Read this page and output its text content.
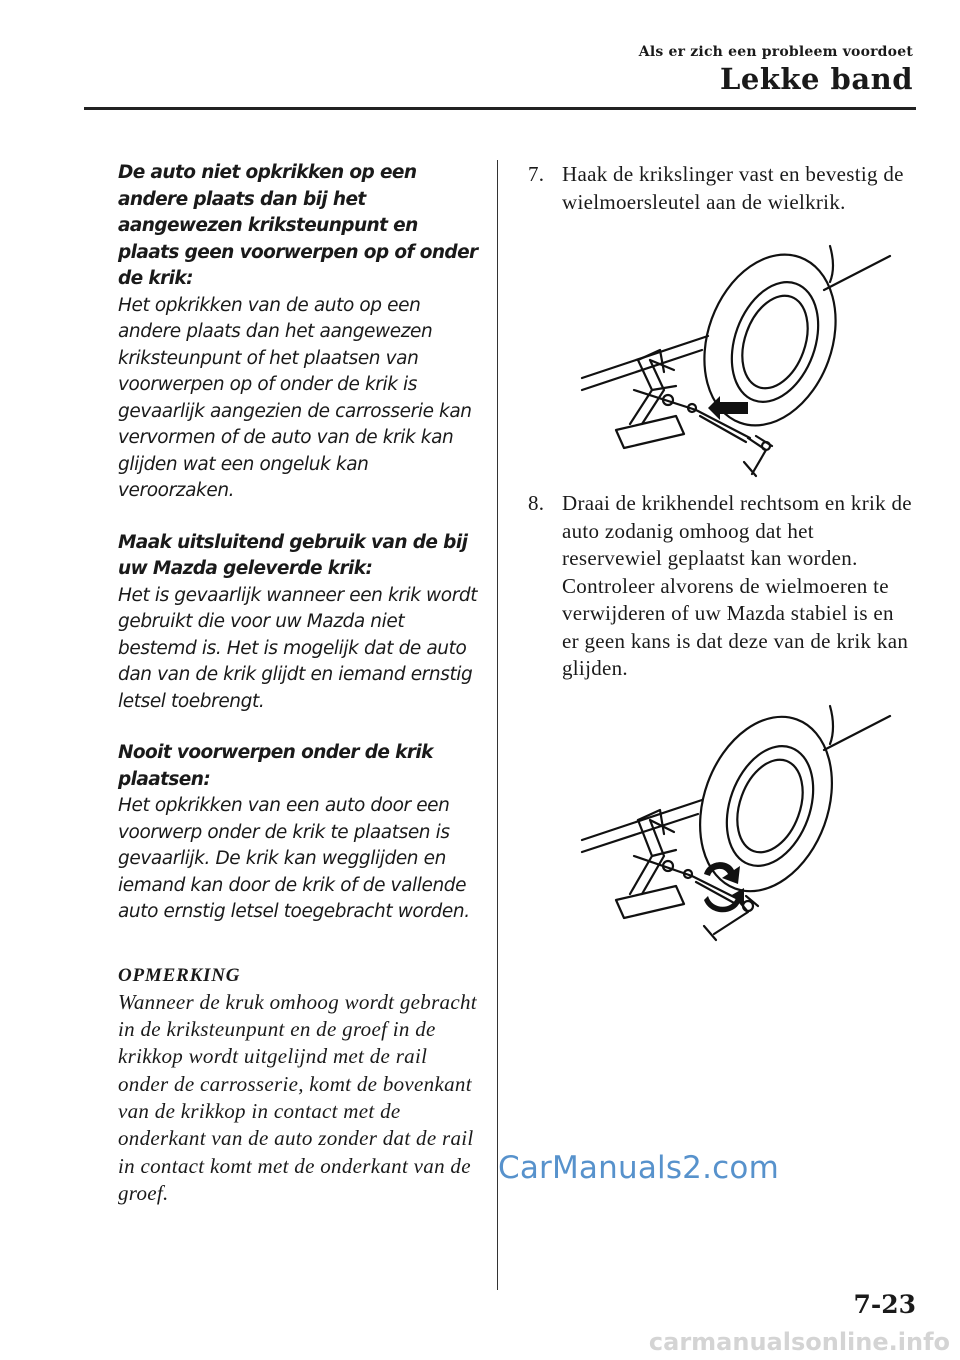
Als er zich een probleem voordoet
Lekke band
De auto niet opkrikken op een andere plaats dan bij het aangewezen kriksteunpunt en plaats geen voorwerpen op of onder de krik:
Het opkrikken van de auto op een andere plaats dan het aangewezen kriksteunpunt of het plaatsen van voorwerpen op of onder de krik is gevaarlijk aangezien de carrosserie kan vervormen of de auto van de krik kan glijden wat een ongeluk kan veroorzaken.
Maak uitsluitend gebruik van de bij uw Mazda geleverde krik:
Het is gevaarlijk wanneer een krik wordt gebruikt die voor uw Mazda niet bestemd is. Het is mogelijk dat de auto dan van de krik glijdt en iemand ernstig letsel toebrengt.
Nooit voorwerpen onder de krik plaatsen:
Het opkrikken van een auto door een voorwerp onder de krik te plaatsen is gevaarlijk. De krik kan wegglijden en iemand kan door de krik of de vallende auto ernstig letsel toegebracht worden.
OPMERKING
Wanneer de kruk omhoog wordt gebracht in de kriksteunpunt en de groef in de krikkop wordt uitgelijnd met de rail onder de carrosserie, komt de bovenkant van de krikkop in contact met de onderkant van de auto zonder dat de rail in contact komt met de onderkant van de groef.
7. Haak de krikslinger vast en bevestig de wielmoersleutel aan de wielkrik.
8. Draai de krikhendel rechtsom en krik de auto zodanig omhoog dat het reservewiel geplaatst kan worden. Controleer alvorens de wielmoeren te verwijderen of uw Mazda stabiel is en er geen kans is dat deze van de krik kan glijden.
CarManuals2.com
7-23
carmanualsonline.info
